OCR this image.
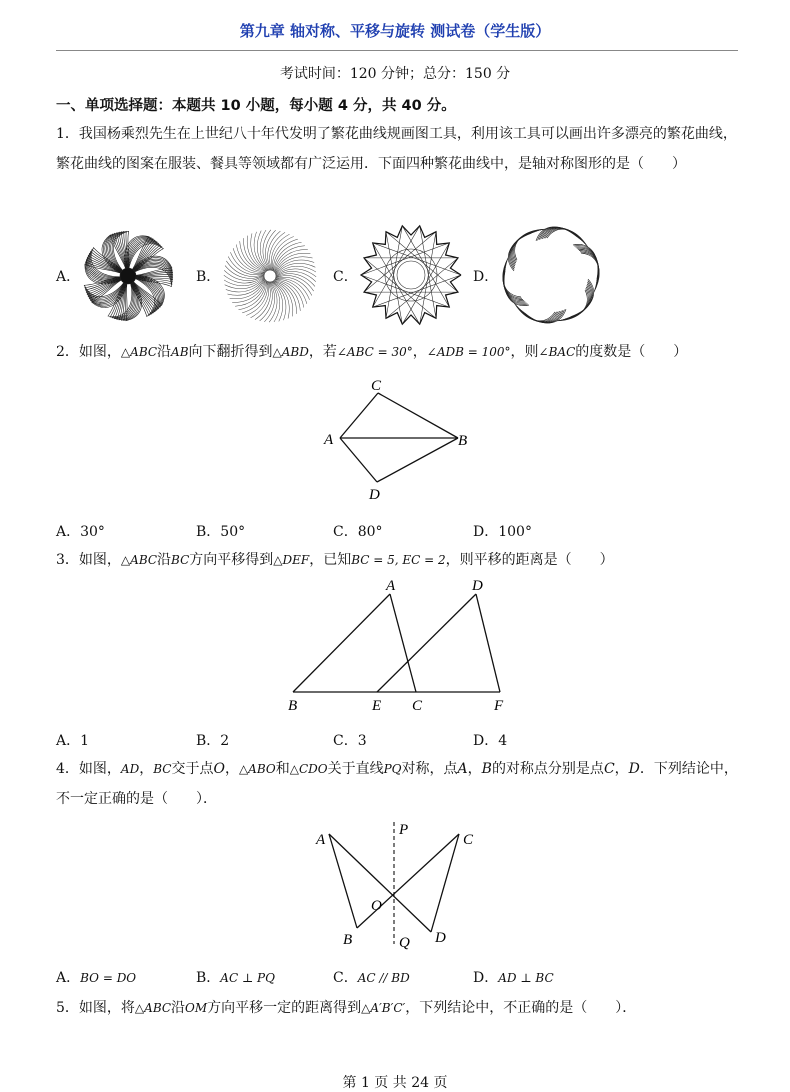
第九章 轴对称、平移与旋转 测试卷（学生版）
考试时间：120 分钟；总分：150 分
一、单项选择题：本题共 10 小题，每小题 4 分，共 40 分。
1．我国杨乘烈先生在上世纪八十年代发明了繁花曲线规画图工具，利用该工具可以画出许多漂亮的繁花曲线，繁花曲线的图案在服装、餐具等领域都有广泛运用．下面四种繁花曲线中，是轴对称图形的是（　　）
A．	B．	C．	D．
2．如图，△ABC沿AB向下翻折得到△ABD，若∠ABC = 30°，∠ADB = 100°，则∠BAC的度数是（　　）
C
A	B
D
A．30°	B．50°	C．80°	D．100°
3．如图，△ABC沿BC方向平移得到△DEF，已知BC = 5, EC = 2，则平移的距离是（　　）
A	D
B	E C	F
A．1	B．2	C．3	D．4
4．如图，AD，BC交于点O，△ABO和△CDO关于直线PQ对称，点A，B的对称点分别是点C，D．下列结论中，不一定正确的是（　　）．
A
P
C
O
B	D
Q
A．BO = DO	B．AC ⊥ PQ	C．AC // BD	D．AD ⊥ BC
5．如图，将△ABC沿OM方向平移一定的距离得到△A′B′C′，下列结论中，不正确的是（　　）．
第 1 页 共 24 页
